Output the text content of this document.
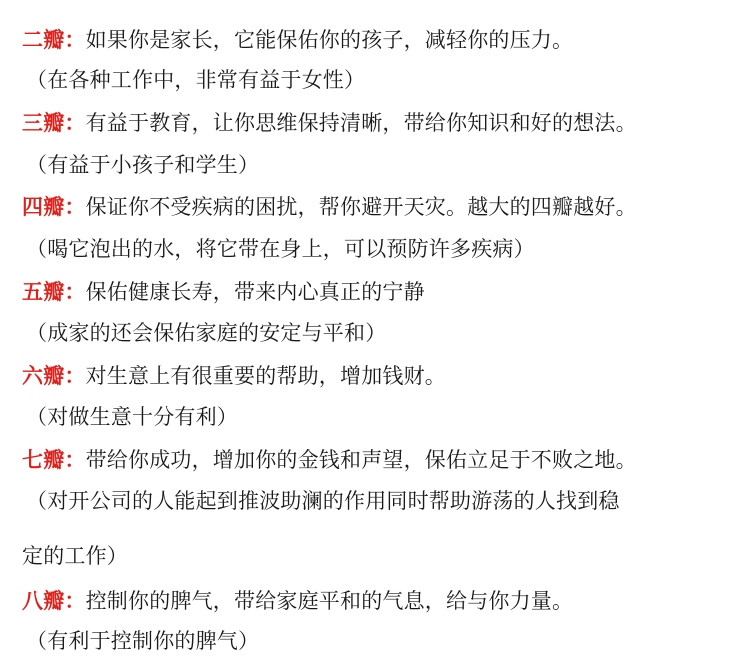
二瓣：如果你是家长，它能保佑你的孩子，减轻你的压力。
（在各种工作中，非常有益于女性）
三瓣：有益于教育，让你思维保持清晰，带给你知识和好的想法。
（有益于小孩子和学生）
四瓣：保证你不受疾病的困扰，帮你避开天灾。越大的四瓣越好。
（喝它泡出的水，将它带在身上，可以预防许多疾病）
五瓣：保佑健康长寿，带来内心真正的宁静
（成家的还会保佑家庭的安定与平和）
六瓣：对生意上有很重要的帮助，增加钱财。
（对做生意十分有利）
七瓣：带给你成功，增加你的金钱和声望，保佑立足于不败之地。
（对开公司的人能起到推波助澜的作用同时帮助游荡的人找到稳
定的工作）
八瓣：控制你的脾气，带给家庭平和的气息，给与你力量。
（有利于控制你的脾气）
